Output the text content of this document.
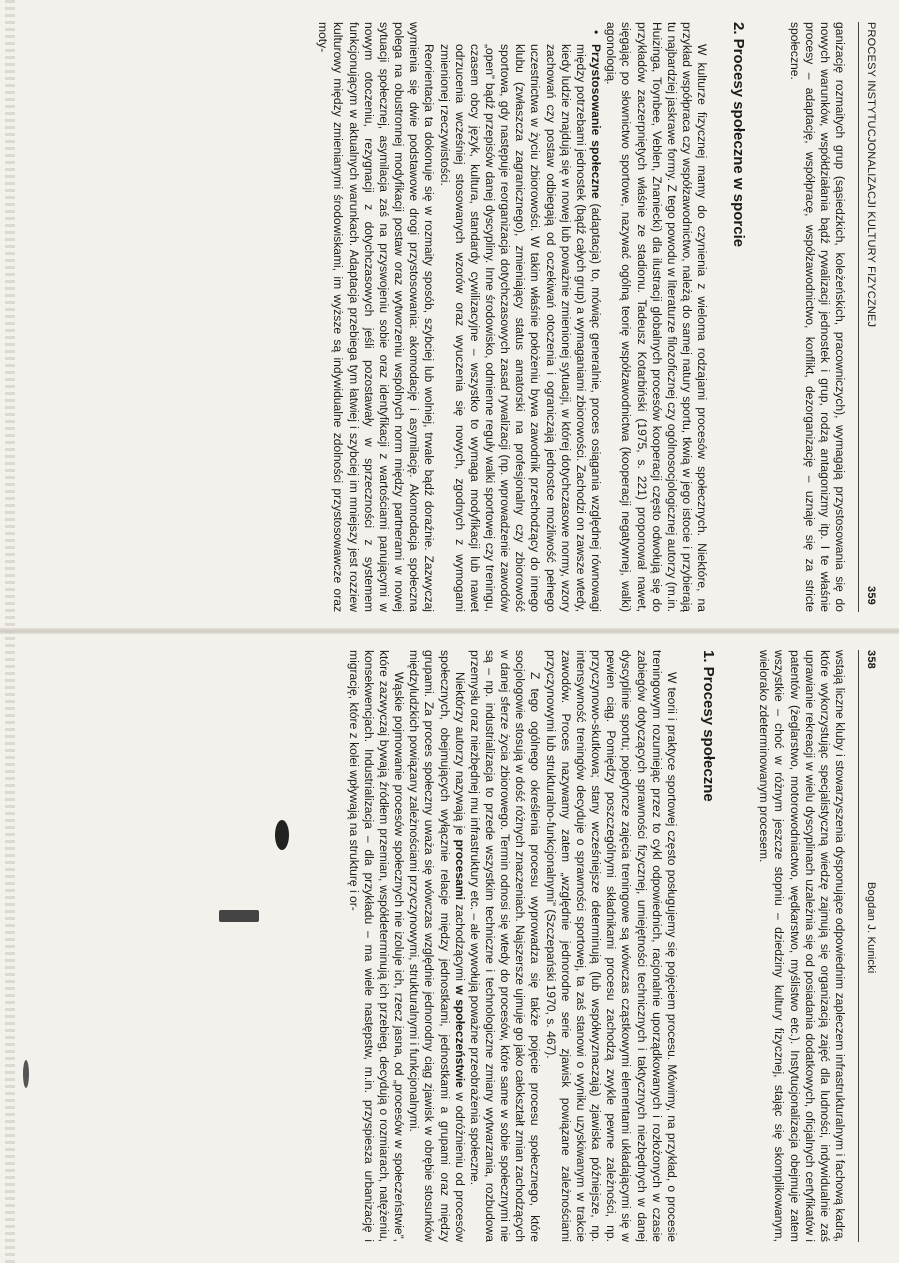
PROCESY INSTYTUCJONALIZACJI KULTURY FIZYCZNEJ
359

ganizację rozmaitych grup (sąsiedzkich, koleżeńskich, pracowniczych), wymagają przystosowania się do nowych warunków, współdziałania bądź rywalizacji jednostek i grup, rodzą antagonizmy itp. I te właśnie procesy – adaptację, współpracę, współzawodnictwo, konflikt, dezorganizację – uznaje się za stricte społeczne.

2. Procesy społeczne w sporcie

W kulturze fizycznej mamy do czynienia z wieloma rodzajami procesów społecznych. Niektóre, na przykład współpraca czy współzawodnictwo, należą do samej natury sportu, tkwią w jego istocie i przybierają tu najbardziej jaskrawe formy. Z tego powodu w literaturze filozoficznej czy ogólnosocjologicznej autorzy (m.in. Huizinga, Toynbee, Veblen, Znaniecki) dla ilustracji globalnych procesów kooperacji często odwołują się do przykładów zaczerpniętych właśnie ze stadionu. Tadeusz Kotarbiński (1975, s. 221) proponował nawet, sięgając po słownictwo sportowe, nazywać ogólną teorię współzawodnictwa (kooperacji negatywnej, walki) agonologią.

•  Przystosowanie społeczne (adaptacja) to, mówiąc generalnie, proces osiągania względnej równowagi między potrzebami jednostek (bądź całych grup) a wymaganiami zbiorowości. Zachodzi on zawsze wtedy, kiedy ludzie znajdują się w nowej lub poważnie zmienionej sytuacji, w której dotychczasowe normy, wzory zachowań czy postaw odbiegają od oczekiwań otoczenia i ograniczają jednostce możliwość pełnego uczestnictwa w życiu zbiorowości. W takim właśnie położeniu bywa zawodnik przechodzący do innego klubu (zwłaszcza zagranicznego), zmieniający status amatorski na profesjonalny czy zbiorowość sportowa, gdy następuje reorganizacja dotychczasowych zasad rywalizacji (np. wprowadzenie zawodów „open” bądź przepisów danej dyscypliny. Inne środowisko, odmienne reguły walki sportowej czy treningu, czasem obcy język, kultura, standardy cywilizacyjne – wszystko to wymaga modyfikacji lub nawet odrzucenia wcześniej stosowanych wzorów oraz wyuczenia się nowych, zgodnych z wymogami zmienionej rzeczywistości.

Reorientacja ta dokonuje się w rozmaity sposób, szybciej lub wolniej, trwale bądź doraźnie. Zazwyczaj wymienia się dwie podstawowe drogi przystosowania: akomodację i asymilację. Akomodacja społeczna polega na obustronnej modyfikacji postaw oraz wytworzeniu wspólnych norm między partnerami w nowej sytuacji społecznej, asymilacja zaś na przyswojeniu sobie oraz identyfikacji z wartościami panującymi w nowym otoczeniu, rezygnacji z dotychczasowych jeśli pozostawały w sprzeczności z systemem funkcjonującym w aktualnych warunkach. Adaptacja przebiega tym łatwiej i szybciej im mniejszy jest rozziew kulturowy między zmienianymi środowiskami, im wyższe są indywidualne zdolności przystosowawcze oraz moty-

358
Bogdan J. Kunicki

wstają liczne kluby i stowarzyszenia dysponujące odpowiednim zapleczem infrastrukturalnym i fachową kadrą, które wykorzystując specjalistyczną wiedzę zajmują się organizacją zajęć dla ludności, indywidualnie zaś uprawianie rekreacji w wielu dyscyplinach uzależnia się od posiadania dodatkowych, oficjalnych certyfikatów i patentów (żeglarstwo, motorowodniactwo, wędkarstwo, myślistwo etc.). Instytucjonalizacja obejmuje zatem wszystkie – choć w różnym jeszcze stopniu – dziedziny kultury fizycznej, stając się skomplikowanym, wielorako zdeterminowanym procesem.

1. Procesy społeczne

W teorii i praktyce sportowej często posługujemy się pojęciem procesu. Mówimy, na przykład, o procesie treningowym rozumiejąc przez to cykl odpowiednich, racjonalnie uporządkowanych i rozłożonych w czasie zabiegów dotyczących sprawności fizycznej, umiejętności technicznych i taktycznych niezbędnych w danej dyscyplinie sportu; pojedyncze zajęcia treningowe są wówczas cząstkowymi elementami układającymi się w pewien ciąg. Pomiędzy poszczególnymi składnikami procesu zachodzą zwykle pewne zależności, np. przyczynowo-skutkowa; stany wcześniejsze determinują (lub współwyznaczają) zjawiska późniejsze, np. intensywność treningów decyduje o sprawności sportowej, ta zaś stanowi o wyniku uzyskiwanym w trakcie zawodów. Proces nazywamy zatem „względnie jednorodne serie zjawisk powiązane zależnościami przyczynowymi lub strukturalno-funkcjonalnymi” (Szczepański 1970, s. 467).

Z tego ogólnego określenia procesu wyprowadza się także pojęcie procesu społecznego, które socjologowie stosują w dość różnych znaczeniach. Najszersze ujmuje go jako całokształt zmian zachodzących w danej sferze życia zbiorowego. Termin odnosi się wtedy do procesów, które same w sobie społecznymi nie są – np. industrializacja to przede wszystkim techniczne i technologiczne zmiany wytwarzania, rozbudowa przemysłu oraz niezbędnej mu infrastruktury etc. – ale wywołują poważne przeobrażenia społeczne.

Niektórzy autorzy nazywają je procesami zachodzącymi w społeczeństwie w odróżnieniu od procesów społecznych, obejmujących wyłącznie relacje między jednostkami, jednostkami a grupami oraz między grupami. Za proces społeczny uważa się wówczas względnie jednorodny ciąg zjawisk w obrębie stosunków międzyludzkich powiązany zależnościami przyczynowymi, strukturalnymi i funkcjonalnymi.

Wąskie pojmowanie procesów społecznych nie izoluje ich, rzecz jasna, od „procesów w społeczeństwie”, które zazwyczaj bywają źródłem przemian, współdeterminują ich przebieg, decydują o rozmiarach, natężeniu, konsekwencjach. Industrializacja – dla przykładu – ma wiele następstw, m.in. przyspiesza urbanizację i migrację, które z kolei wpływają na strukturę i or-
